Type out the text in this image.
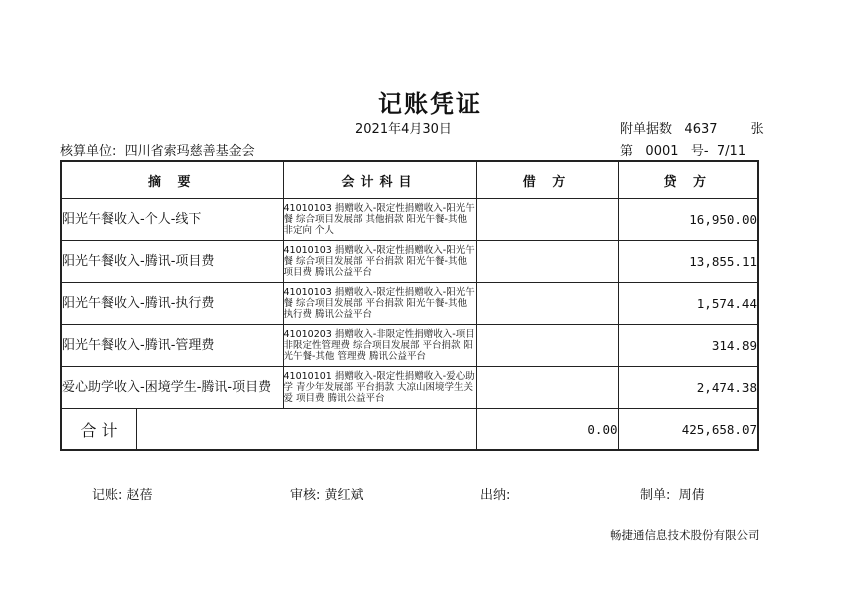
记账凭证
2021年4月30日	附单据数 4637	张
核算单位: 四川省索玛慈善基金会	第 0001 号- 7/11
摘 要	会计科目	借 方	贷 方
阳光午餐收入-个人-线下	41010103 捐赠收入-限定性捐赠收入-阳光午餐 综合项目发展部 其他捐款 阳光午餐-其他 非定向 个人		16,950.00
阳光午餐收入-腾讯-项目费	41010103 捐赠收入-限定性捐赠收入-阳光午餐 综合项目发展部 平台捐款 阳光午餐-其他 项目费 腾讯公益平台		13,855.11
阳光午餐收入-腾讯-执行费	41010103 捐赠收入-限定性捐赠收入-阳光午餐 综合项目发展部 平台捐款 阳光午餐-其他 执行费 腾讯公益平台		1,574.44
阳光午餐收入-腾讯-管理费	41010203 捐赠收入-非限定性捐赠收入-项目非限定性管理费 综合项目发展部 平台捐款 阳光午餐-其他 管理费 腾讯公益平台		314.89
爱心助学收入-困境学生-腾讯-项目费	41010101 捐赠收入-限定性捐赠收入-爱心助学 青少年发展部 平台捐款 大凉山困境学生关爱 项目费 腾讯公益平台		2,474.38

合 计		0.00	425,658.07
记账: 赵蓓	审核: 黄红斌	出纳:	制单: 周倩
畅捷通信息技术股份有限公司
